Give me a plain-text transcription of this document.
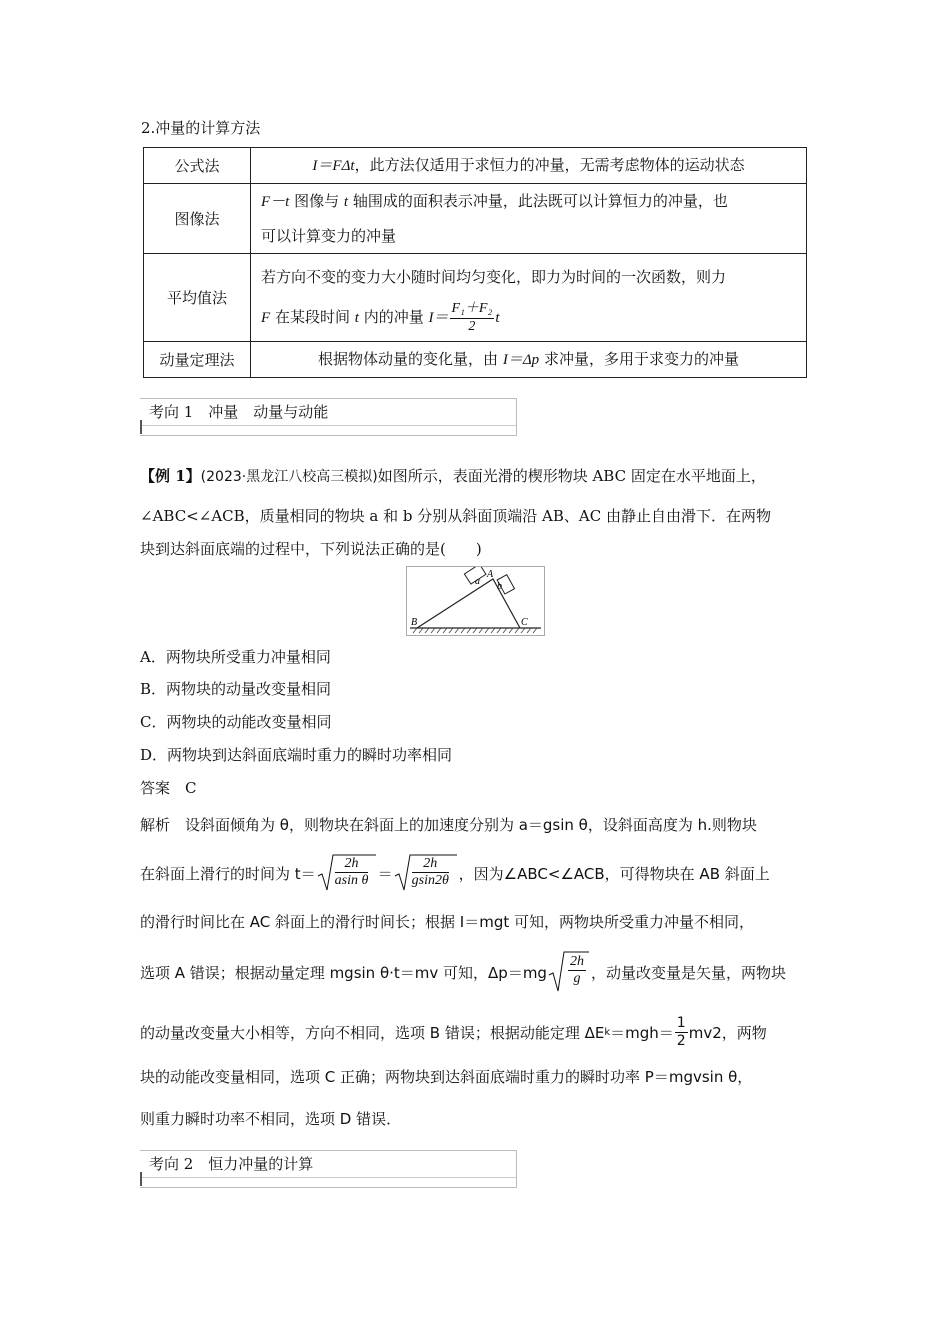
2.冲量的计算方法
公式法	I＝FΔt，此方法仅适用于求恒力的冲量，无需考虑物体的运动状态
图像法	F－t 图像与 t 轴围成的面积表示冲量，此法既可以计算恒力的冲量，也
可以计算变力的冲量
平均值法	若方向不变的变力大小随时间均匀变化，即力为时间的一次函数，则力
F 在某段时间 t 内的冲量 $I= \frac{\text{F₁＋F₂}}{2}$ t
动量定理法	根据物体动量的变化量，由 I＝Δp 求冲量，多用于求变力的冲量
考向 1　冲量　动量与动能
【例 1】(2023·黑龙江八校高三模拟)如图所示，表面光滑的楔形物块 ABC 固定在水平地面上，
∠ABC<∠ACB，质量相同的物块 a 和 b 分别从斜面顶端沿 AB、AC 由静止自由滑下．在两物
块到达斜面底端的过程中，下列说法正确的是(　　)
a b
A
B	C
A．两物块所受重力冲量相同
B．两物块的动量改变量相同
C．两物块的动能改变量相同
D．两物块到达斜面底端时重力的瞬时功率相同
答案　C
解析　设斜面倾角为 θ，则物块在斜面上的加速度分别为 a＝gsin θ，设斜面高度为 h.则物块
在斜面上滑行的时间为 $t= \frac{2h}{\text{asin θ}} = \frac{2h}{gsin2\theta}$ ，因为∠ABC<∠ACB，可得物块在 AB 斜面上
的滑行时间比在 AC 斜面上的滑行时间长；根据 I＝mgt 可知，两物块所受重力冲量不相同，
选项 A 错误；根据动量定理 mgsin θ·t＝mv 可知，$\Delta p=mg \frac{2h}{g}$ ，动量改变量是矢量，两物块
的动量改变量大小相等，方向不相同，选项 B 错误；根据动能定理 ΔE $k =mgh= \frac{1}{2} mv2$，两物
块的动能改变量相同，选项 C 正确；两物块到达斜面底端时重力的瞬时功率 P＝mgvsin θ，
则重力瞬时功率不相同，选项 D 错误．
考向 2　恒力冲量的计算
